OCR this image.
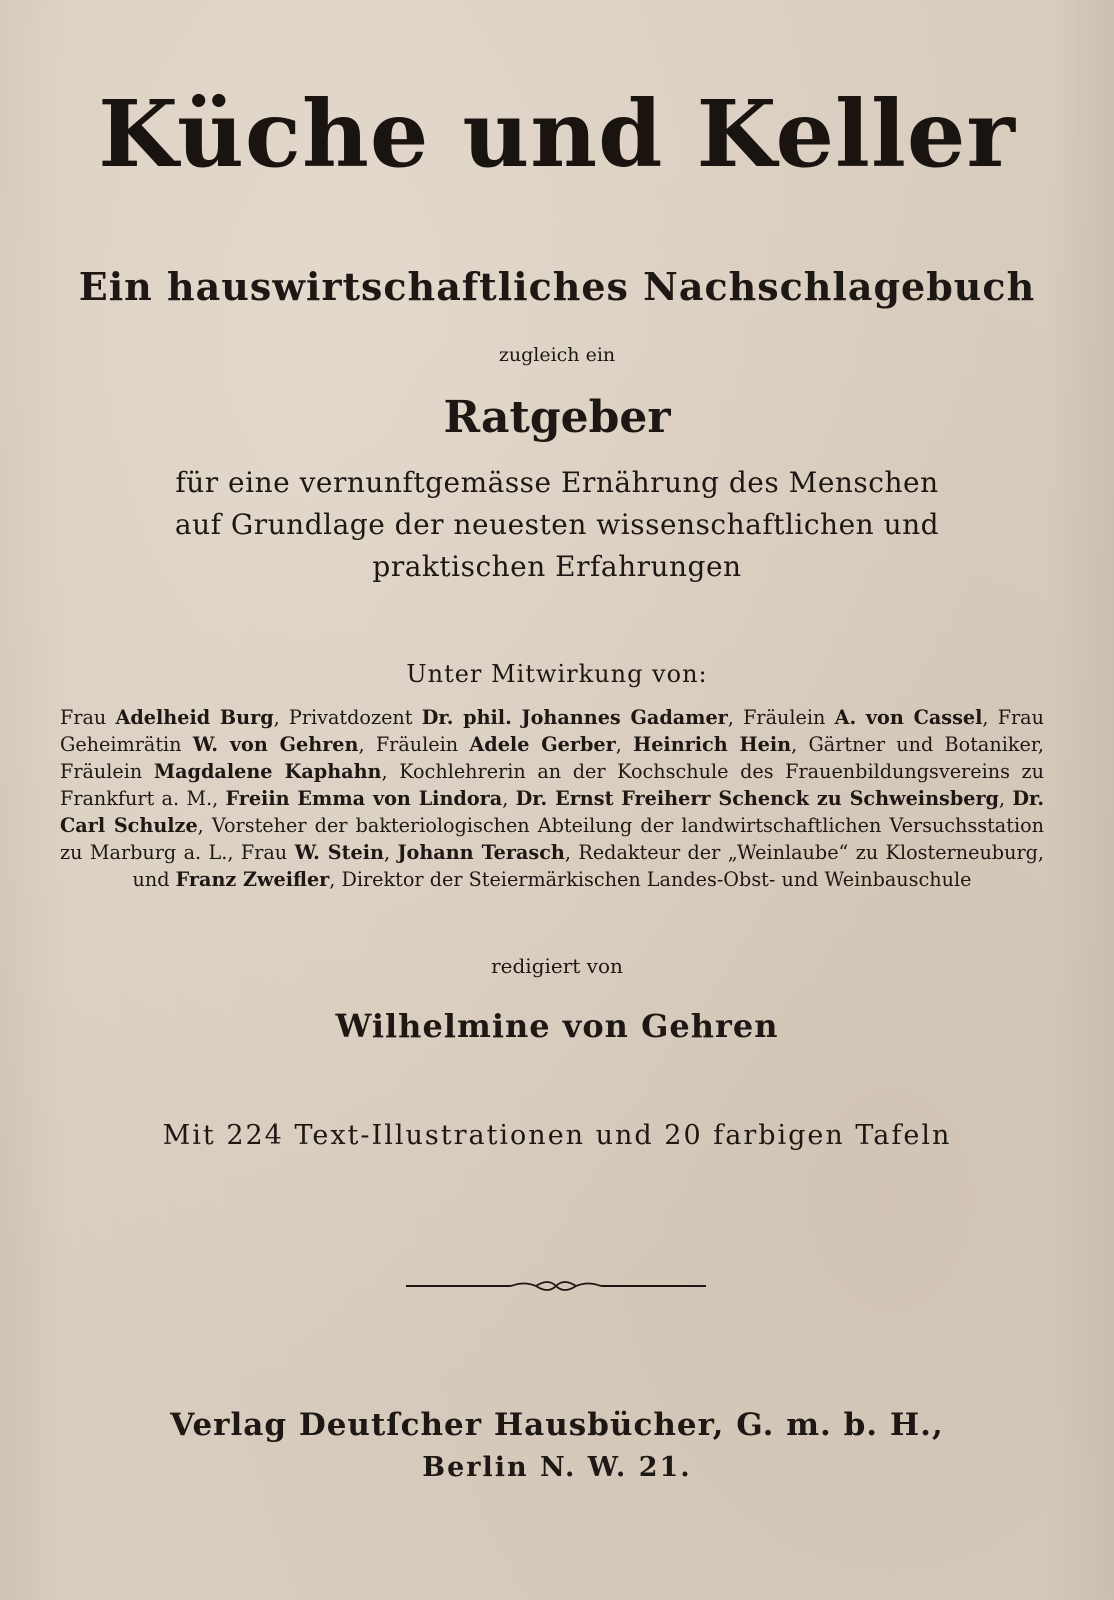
Küche und Keller
Ein hauswirtschaftliches Nachschlagebuch
zugleich ein
Ratgeber
für eine vernunftgemässe Ernährung des Menschen
auf Grundlage der neuesten wissenschaftlichen und
praktischen Erfahrungen
Unter Mitwirkung von:
Frau Adelheid Burg, Privatdozent Dr. phil. Johannes Gadamer, Fräulein A. von Cassel, Frau Geheimrätin W. von Gehren, Fräulein Adele Gerber, Heinrich Hein, Gärtner und Botaniker, Fräulein Magdalene Kaphahn, Kochlehrerin an der Kochschule des Frauenbildungsvereins zu Frankfurt a. M., Freiin Emma von Lindora, Dr. Ernst Freiherr Schenck zu Schweinsberg, Dr. Carl Schulze, Vorsteher der bakteriologischen Abteilung der landwirtschaftlichen Versuchsstation zu Marburg a. L., Frau W. Stein, Johann Terasch, Redakteur der „Weinlaube“ zu Klosterneuburg, und Franz Zweifler, Direktor der Steiermärkischen Landes-Obst- und Weinbauschule
redigiert von
Wilhelmine von Gehren
Mit 224 Text-Illustrationen und 20 farbigen Tafeln
Verlag Deutſcher Hausbücher, G. m. b. H.,
Berlin N. W. 21.
